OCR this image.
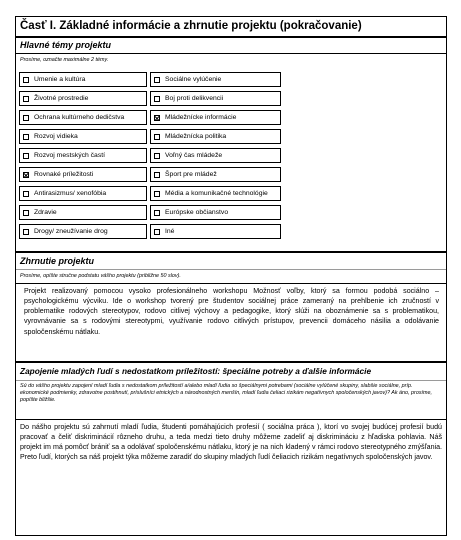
Časť I. Základné informácie a zhrnutie projektu (pokračovanie)
Hlavné témy projektu
Prosíme, označte maximálne 2 témy.
Umenie a kultúra
Životné prostredie
Ochrana kultúrneho dedičstva
Rozvoj vidieka
Rozvoj mestských častí
Rovnaké príležitosti
Antirasizmus/ xenofóbia
Zdravie
Drogy/ zneužívanie drog
Sociálne vylúčenie
Boj proti delikvencii
Mládežnícke informácie
Mládežnícka politika
Voľný čas mládeže
Šport pre mládež
Média a komunikačné technológie
Európske občianstvo
Iné
Zhrnutie projektu
Prosíme, opíšte stručne podstatu vášho projektu (približne 50 slov).
Projekt realizovaný pomocou vysoko profesionálneho workshopu Možnosť voľby, ktorý sa formou podobá sociálno – psychologickému výcviku. Ide o workshop tvorený pre študentov sociálnej práce zameraný na prehlbenie ich zručností v problematike rodových stereotypov, rodovo citlivej výchovy a pedagogike, ktorý slúži na oboznámenie sa s problematikou, vyrovnávanie sa s rodovými stereotypmi, využívanie rodovo citlivých prístupov, prevencii domáceho násilia a odolávanie spoločenskému nátlaku.
Zapojenie mladých ľudí s nedostatkom príležitostí: špeciálne potreby a ďalšie informácie
Sú do vášho projektu zapojení mladí ľudia s nedostatkom príležitostí a/alebo mladí ľudia so špeciálnymi potrebami (sociálne vylúčené skupiny, slabšie sociálne, príp. ekonomické podmienky, zdravotne postihnutí, príslušníci etnických a národnostných menšín, mladí ľudia čeliaci rizikám negatívnych spoločenských javov)? Ak áno, prosíme, popíšte bližšie.
Do nášho projektu sú zahrnutí mladí ľudia, študenti pomáhajúcich profesií ( sociálna práca ), ktorí vo svojej budúcej profesií budú pracovať a čeliť diskriminácií rôzneho druhu, a teda medzi tieto druhy môžeme zadeliť aj diskrimináciu z hľadiska pohlavia. Náš projekt im má pomôcť brániť sa a odolávať spoločenskému nátlaku, ktorý je na nich kladený v rámci rodovo stereotypného zmýšľania. Preto ľudí, ktorých sa náš projekt týka môžeme zaradiť do skupiny mladých ľudí čeliacich rizikám negatívnych spoločenských javov.
